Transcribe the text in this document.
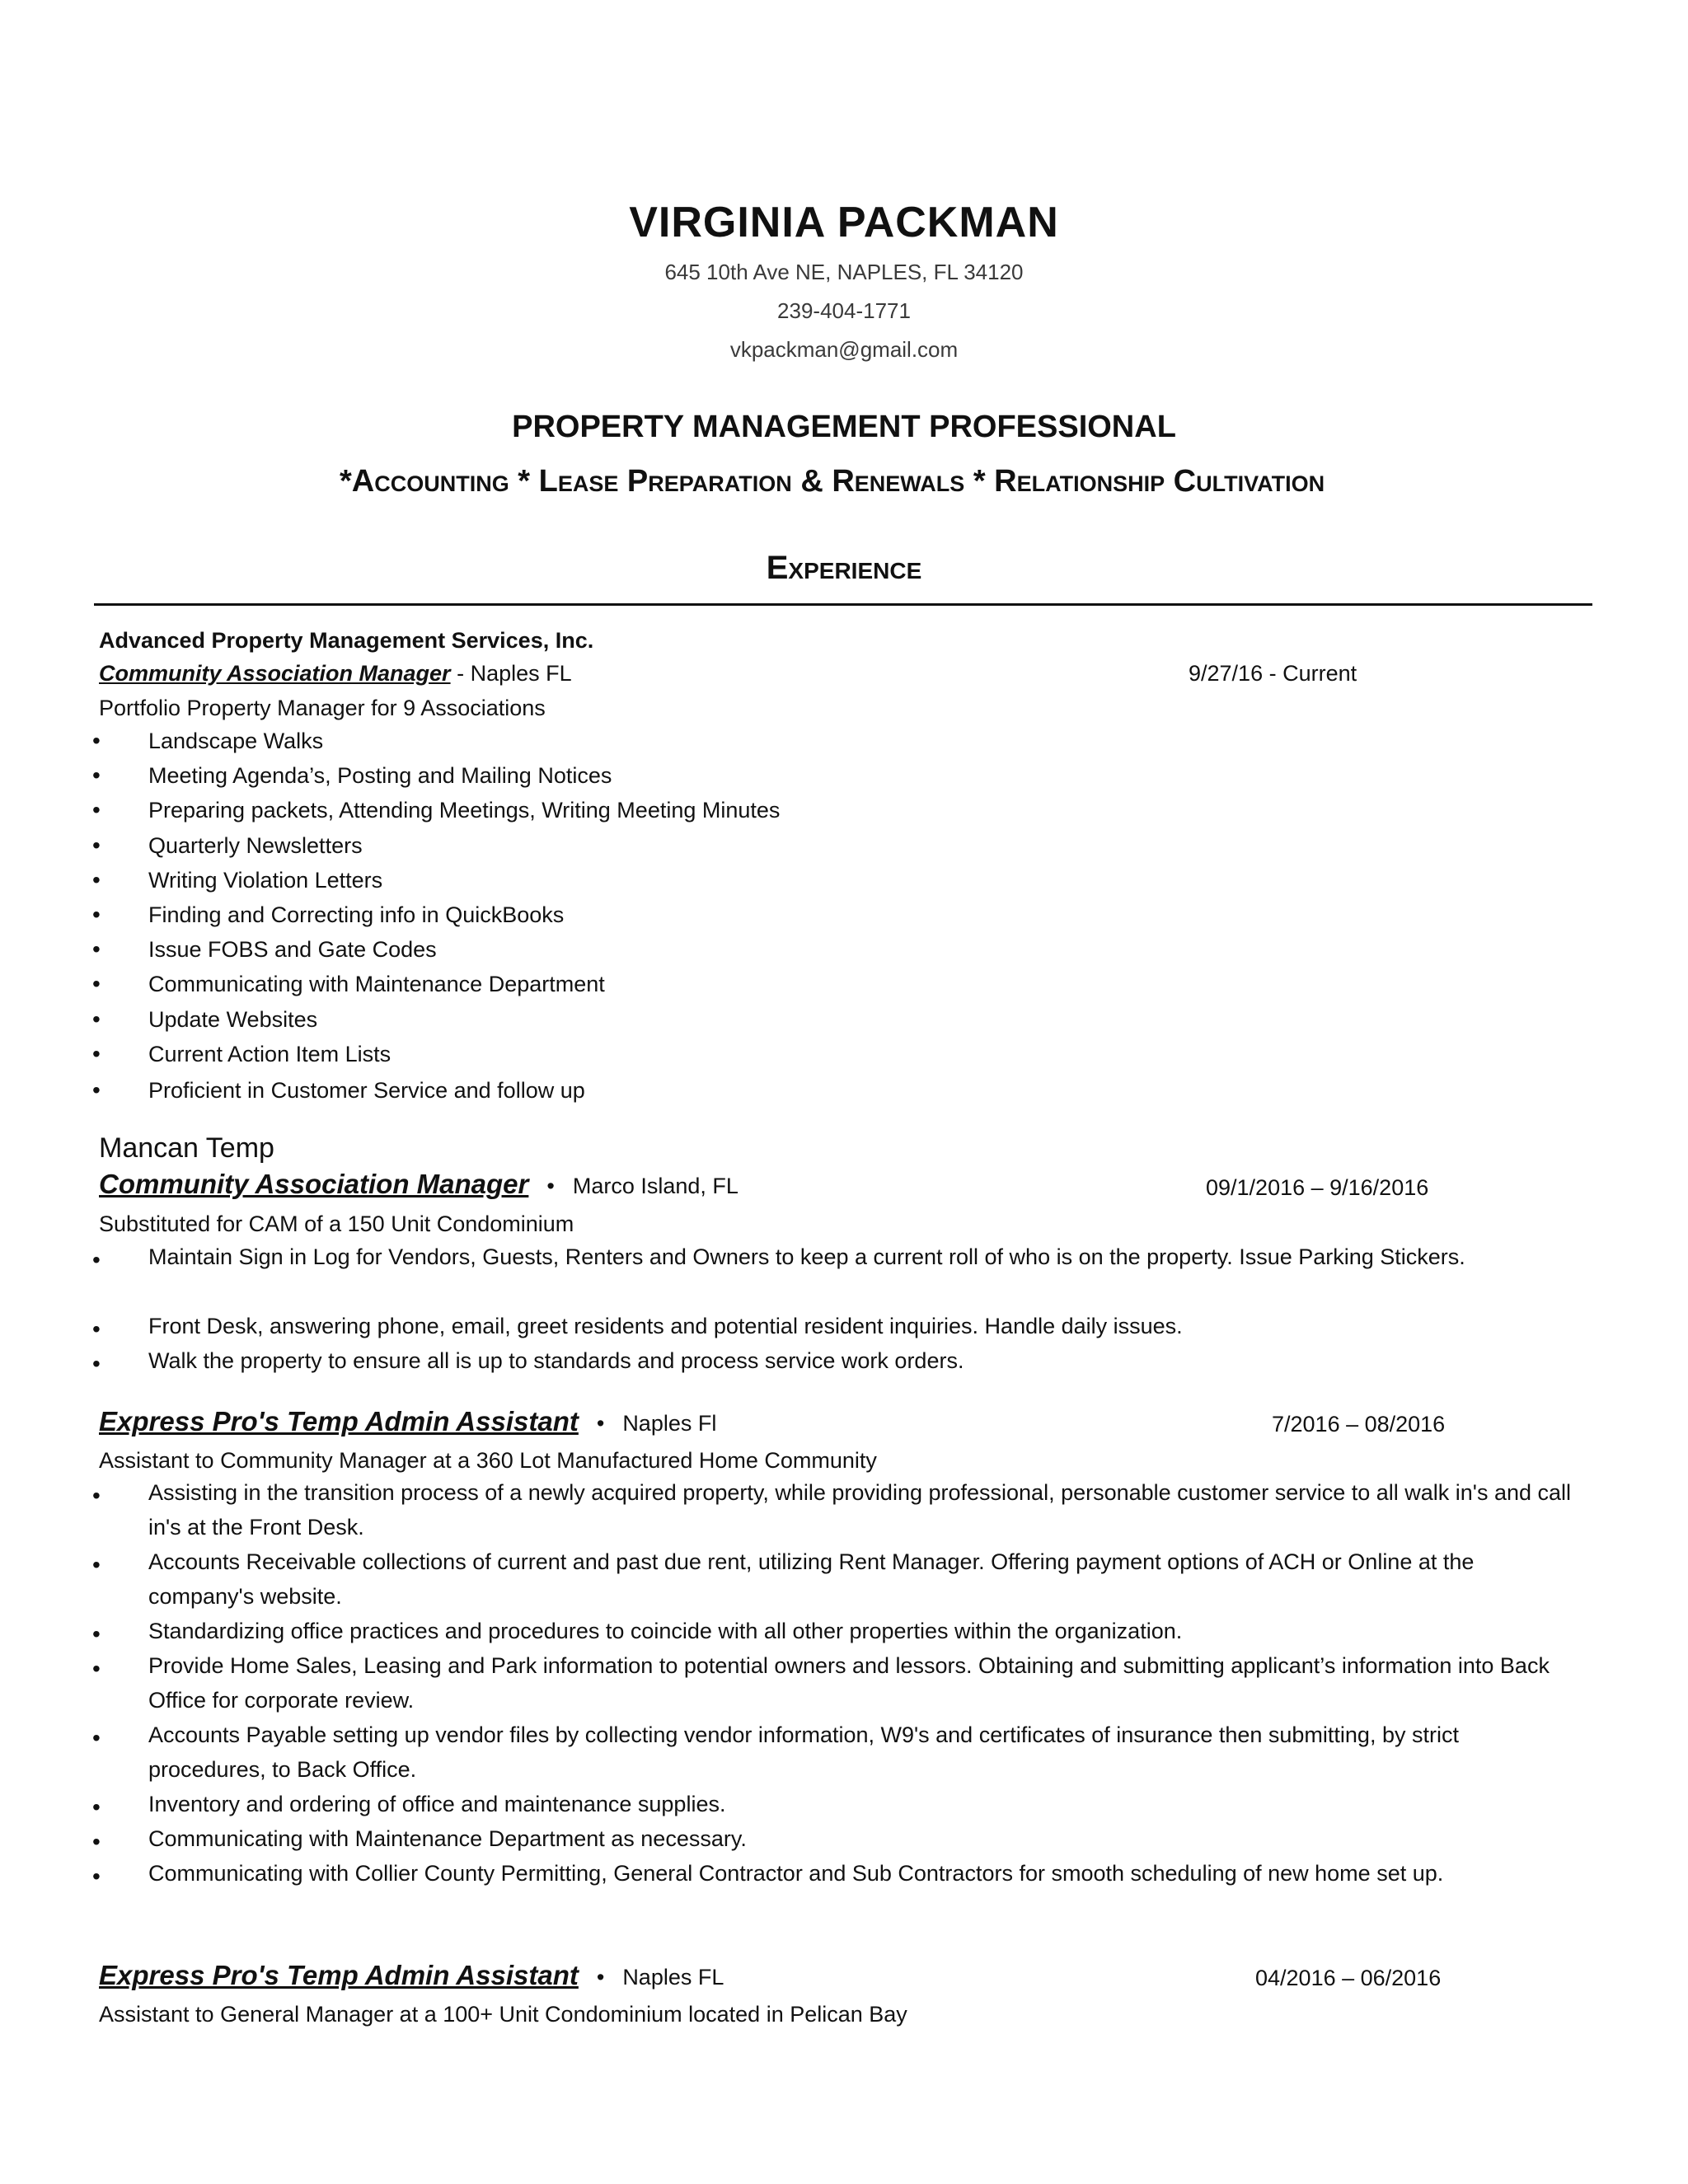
VIRGINIA PACKMAN
645 10th Ave NE, NAPLES, FL 34120
239-404-1771
vkpackman@gmail.com
PROPERTY MANAGEMENT PROFESSIONAL
*Accounting * Lease Preparation & Renewals * Relationship Cultivation
Experience
Advanced Property Management Services, Inc.
Community Association Manager - Naples FL	9/27/16 - Current
Portfolio Property Manager for 9 Associations
• Landscape Walks
• Meeting Agenda’s, Posting and Mailing Notices
• Preparing packets, Attending Meetings, Writing Meeting Minutes
• Quarterly Newsletters
• Writing Violation Letters
• Finding and Correcting info in QuickBooks
• Issue FOBS and Gate Codes
• Communicating with Maintenance Department
• Update Websites
• Current Action Item Lists
• Proficient in Customer Service and follow up
Mancan Temp
Community Association Manager • Marco Island, FL	09/1/2016 – 9/16/2016
Substituted for CAM of a 150 Unit Condominium
• Maintain Sign in Log for Vendors, Guests, Renters and Owners to keep a current roll of who is on the property. Issue Parking Stickers.
• Front Desk, answering phone, email, greet residents and potential resident inquiries. Handle daily issues.
• Walk the property to ensure all is up to standards and process service work orders.
Express Pro's Temp Admin Assistant • Naples Fl	7/2016 – 08/2016
Assistant to Community Manager at a 360 Lot Manufactured Home Community
• Assisting in the transition process of a newly acquired property, while providing professional, personable customer service to all walk in's and call in's at the Front Desk.
• Accounts Receivable collections of current and past due rent, utilizing Rent Manager. Offering payment options of ACH or Online at the company's website.
• Standardizing office practices and procedures to coincide with all other properties within the organization.
• Provide Home Sales, Leasing and Park information to potential owners and lessors. Obtaining and submitting applicant’s information into Back Office for corporate review.
• Accounts Payable setting up vendor files by collecting vendor information, W9's and certificates of insurance then submitting, by strict procedures, to Back Office.
• Inventory and ordering of office and maintenance supplies.
• Communicating with Maintenance Department as necessary.
• Communicating with Collier County Permitting, General Contractor and Sub Contractors for smooth scheduling of new home set up.
Express Pro's Temp Admin Assistant • Naples FL	04/2016 – 06/2016
Assistant to General Manager at a 100+ Unit Condominium located in Pelican Bay
